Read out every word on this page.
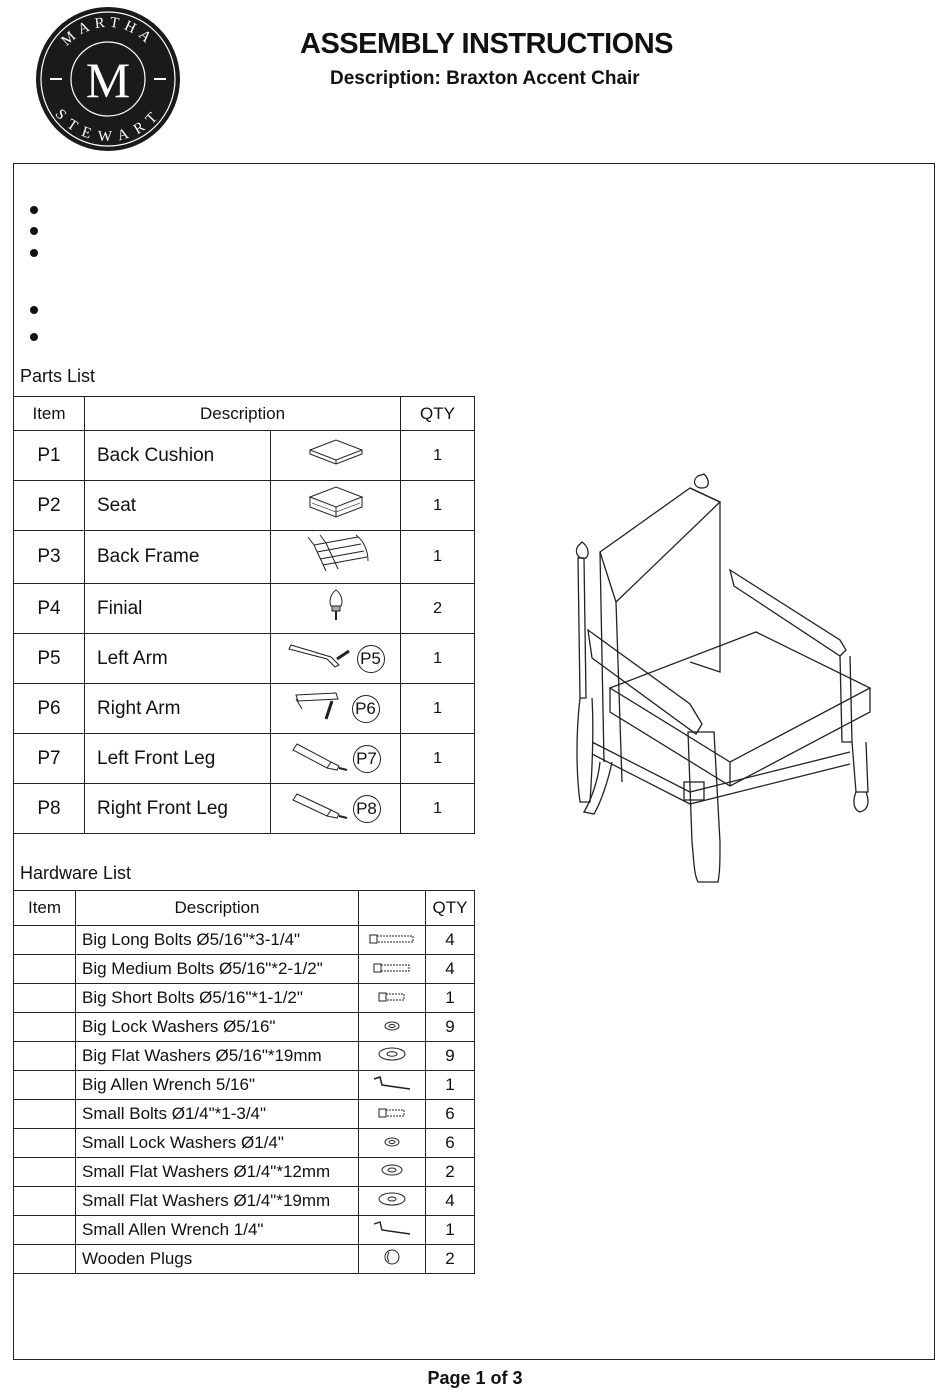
MARTHA
STEWART
M
ASSEMBLY INSTRUCTIONS
Description: Braxton Accent Chair
Parts List
Item	Description		QTY
P1	Back Cushion		1
P2	Seat		1
P3	Back Frame		1
P4	Finial		2
P5	Left Arm	P5	1
P6	Right Arm	P6	1
P7	Left Front Leg	P7	1
P8	Right Front Leg	P8	1
Hardware List
Item	Description		QTY
	Big Long Bolts Ø5/16"*3-1/4"		4
	Big Medium Bolts Ø5/16"*2-1/2"		4
	Big Short Bolts Ø5/16"*1-1/2"		1
	Big Lock Washers Ø5/16"		9
	Big Flat Washers Ø5/16"*19mm		9
	Big Allen Wrench 5/16"		1
	Small Bolts Ø1/4"*1-3/4"		6
	Small Lock Washers Ø1/4"		6
	Small Flat Washers Ø1/4"*12mm		2
	Small Flat Washers Ø1/4"*19mm		4
	Small Allen Wrench 1/4"		1
	Wooden Plugs		2
Page 1 of 3
